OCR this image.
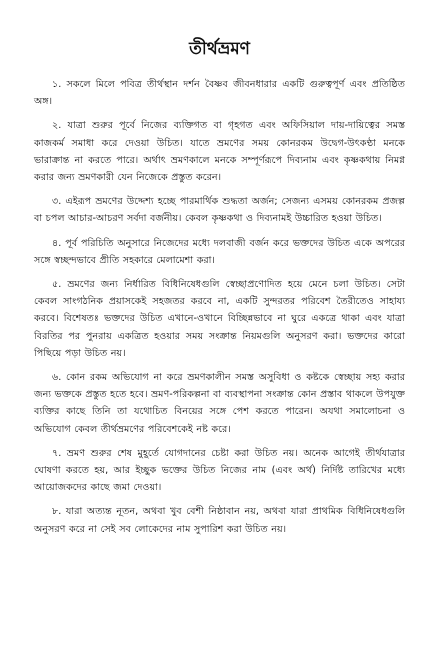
তীর্থভ্রমণ

১. সকলে মিলে পবিত্র তীর্থস্থান দর্শন বৈষ্ণব জীবনধারার একটি গুরুত্বপূর্ণ এবং প্রতিষ্ঠিত অঙ্গ।

২. যাত্রা শুরুর পূর্বে নিজের ব্যক্তিগত বা গৃহগত এবং অফিসিয়াল দায়-দায়িত্বের সমস্ত কাজকর্ম সমাধা করে দেওয়া উচিত। যাতে ভ্রমণের সময় কোনরকম উদ্বেগ-উৎকণ্ঠা মনকে ভারাক্রান্ত না করতে পারে। অর্থাৎ ভ্রমণকালে মনকে সম্পূর্ণরূপে দিব্যনাম এবং কৃষ্ণকথায় নিমগ্ন করার জন্য ভ্রমণকারী যেন নিজেকে প্রস্তুত করেন।

৩. এইরূপ ভ্রমণের উদ্দেশ্য হচ্ছে পারমার্থিক শুদ্ধতা অর্জন; সেজন্য এসময় কোনরকম প্রজল্প বা চপল আচার-আচরণ সর্বদা বর্জনীয়। কেবল কৃষ্ণকথা ও দিব্যনামই উচ্চারিত হওয়া উচিত।

৪. পূর্ব পরিচিতি অনুসারে নিজেদের মধ্যে দলবাজী বর্জন করে ভক্তদের উচিত একে অপরের সঙ্গে স্বচ্ছন্দভাবে প্রীতি সহকারে মেলামেশা করা।

৫. ভ্রমণের জন্য নির্ধারিত বিধিনিষেধগুলি স্বেচ্ছাপ্রণোদিত হয়ে মেনে চলা উচিত। সেটা কেবল সাংগঠনিক প্রয়াসকেই সহজতর করবে না, একটি সুন্দরতর পরিবেশ তৈরীতেও সাহায্য করবে। বিশেষতঃ ভক্তদের উচিত এখানে-ওখানে বিচ্ছিন্নভাবে না ঘুরে একত্রে থাকা এবং যাত্রা বিরতির পর পুনরায় একত্রিত হওয়ার সময় সংক্রান্ত নিয়মগুলি অনুসরণ করা। ভক্তদের কারো পিছিয়ে পড়া উচিত নয়।

৬. কোন রকম অভিযোগ না করে ভ্রমণকালীন সমস্ত অসুবিধা ও কষ্টকে স্বেচ্ছায় সহ্য করার জন্য ভক্তকে প্রস্তুত হতে হবে। ভ্রমণ-পরিকল্পনা বা ব্যবস্থাপনা সংক্রান্ত কোন প্রস্তাব থাকলে উপযুক্ত ব্যক্তির কাছে তিনি তা যথোচিত বিনয়ের সঙ্গে পেশ করতে পারেন। অযথা সমালোচনা ও অভিযোগ কেবল তীর্থভ্রমণের পরিবেশকেই নষ্ট করে।

৭. ভ্রমণ শুরুর শেষ মুহূর্তে যোগদানের চেষ্টা করা উচিত নয়। অনেক আগেই তীর্থযাত্রার ঘোষণা করতে হয়, আর ইচ্ছুক ভক্তের উচিত নিজের নাম (এবং অর্থ) নির্দিষ্ট তারিখের মধ্যে আয়োজকদের কাছে জমা দেওয়া।

৮. যারা অত্যন্ত নূতন, অথবা খুব বেশী নিষ্ঠাবান নয়, অথবা যারা প্রাথমিক বিধিনিষেধগুলি অনুসরণ করে না সেই সব লোকেদের নাম সুপারিশ করা উচিত নয়।
